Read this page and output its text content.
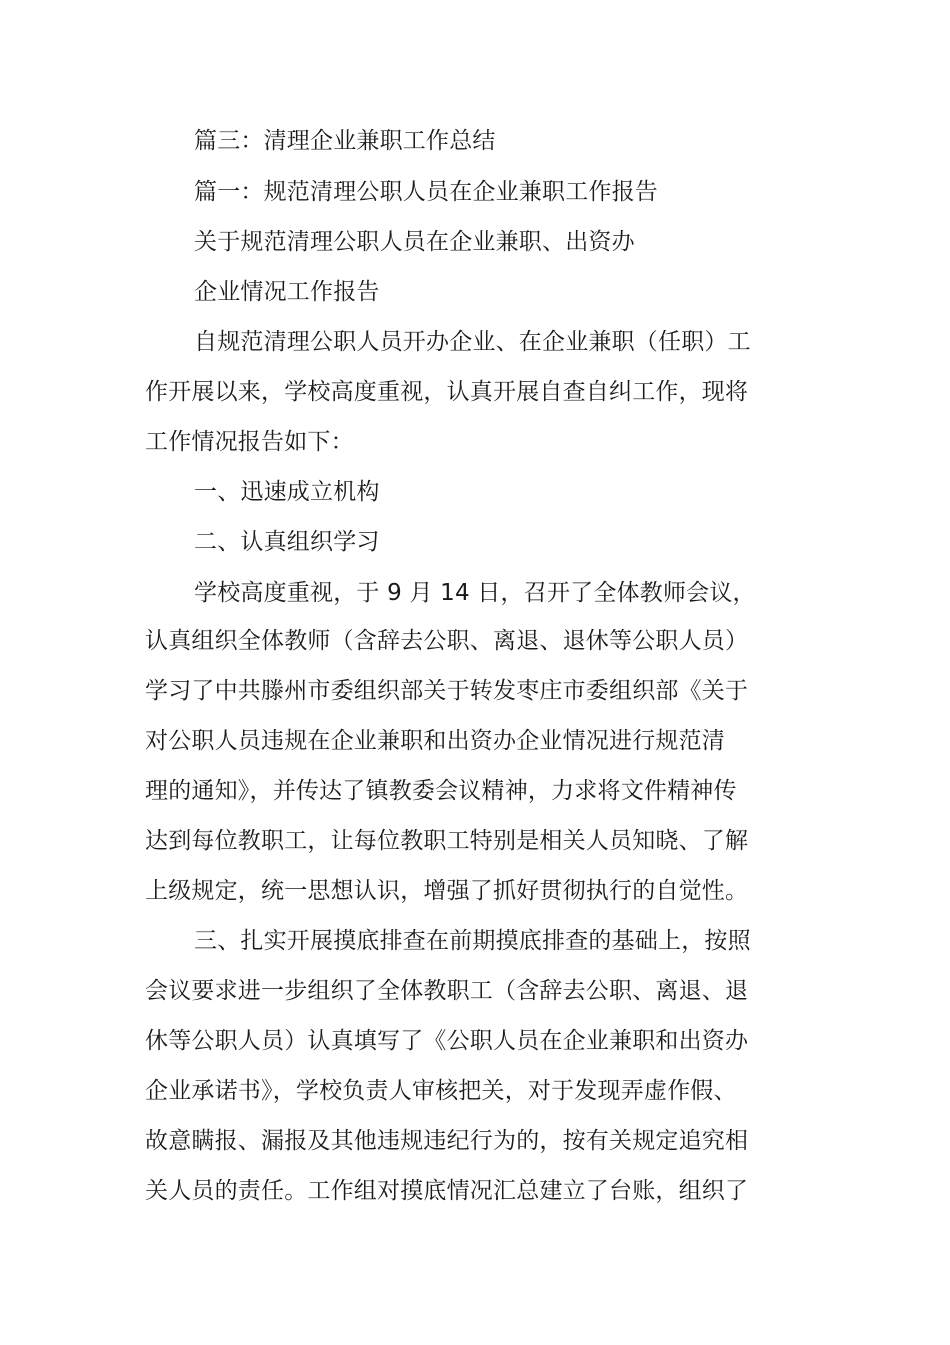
篇三：清理企业兼职工作总结
篇一：规范清理公职人员在企业兼职工作报告
关于规范清理公职人员在企业兼职、出资办
企业情况工作报告
自规范清理公职人员开办企业、在企业兼职（任职）工
作开展以来，学校高度重视，认真开展自查自纠工作，现将
工作情况报告如下：
一、迅速成立机构
二、认真组织学习
学校高度重视，于 9 月 14 日，召开了全体教师会议，
认真组织全体教师（含辞去公职、离退、退休等公职人员）
学习了中共滕州市委组织部关于转发枣庄市委组织部《关于
对公职人员违规在企业兼职和出资办企业情况进行规范清
理的通知》，并传达了镇教委会议精神，力求将文件精神传
达到每位教职工，让每位教职工特别是相关人员知晓、了解
上级规定，统一思想认识，增强了抓好贯彻执行的自觉性。
三、扎实开展摸底排查在前期摸底排查的基础上，按照
会议要求进一步组织了全体教职工（含辞去公职、离退、退
休等公职人员）认真填写了《公职人员在企业兼职和出资办
企业承诺书》，学校负责人审核把关，对于发现弄虚作假、
故意瞒报、漏报及其他违规违纪行为的，按有关规定追究相
关人员的责任。工作组对摸底情况汇总建立了台账，组织了
